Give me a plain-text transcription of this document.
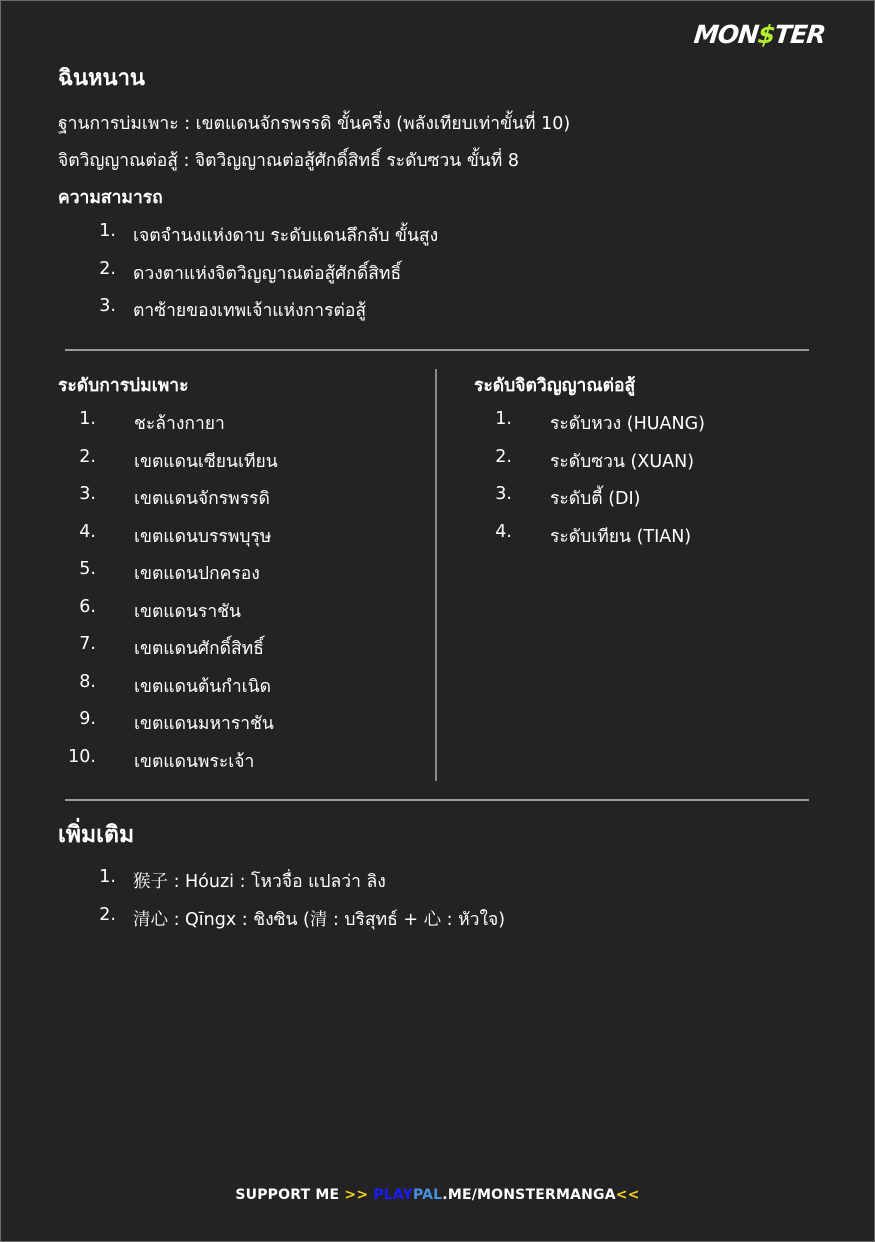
MON$TER
ฉินหนาน
ฐานการบ่มเพาะ : เขตแดนจักรพรรดิ ขั้นครึ่ง (พลังเทียบเท่าขั้นที่ 10)
จิตวิญญาณต่อสู้ : จิตวิญญาณต่อสู้ศักดิ์สิทธิ์ ระดับซวน ขั้นที่ 8
ความสามารถ
1. เจตจำนงแห่งดาบ ระดับแดนลึกลับ ขั้นสูง
2. ดวงตาแห่งจิตวิญญาณต่อสู้ศักดิ์สิทธิ์
3. ตาซ้ายของเทพเจ้าแห่งการต่อสู้
ระดับการบ่มเพาะ
1. ชะล้างกายา
2. เขตแดนเซียนเทียน
3. เขตแดนจักรพรรดิ
4. เขตแดนบรรพบุรุษ
5. เขตแดนปกครอง
6. เขตแดนราชัน
7. เขตแดนศักดิ์สิทธิ์
8. เขตแดนต้นกำเนิด
9. เขตแดนมหาราชัน
10. เขตแดนพระเจ้า
ระดับจิตวิญญาณต่อสู้
1. ระดับหวง (HUANG)
2. ระดับซวน (XUAN)
3. ระดับตี้ (DI)
4. ระดับเทียน (TIAN)
เพิ่มเติม
1. 猴子 : Hóuzi : โหวจื่อ แปลว่า ลิง
2. 清心 : Qīngx : ชิงซิน (清 : บริสุทธ์ + 心 : หัวใจ)
SUPPORT ME >> PLAYPAL.ME/MONSTERMANGA<<
